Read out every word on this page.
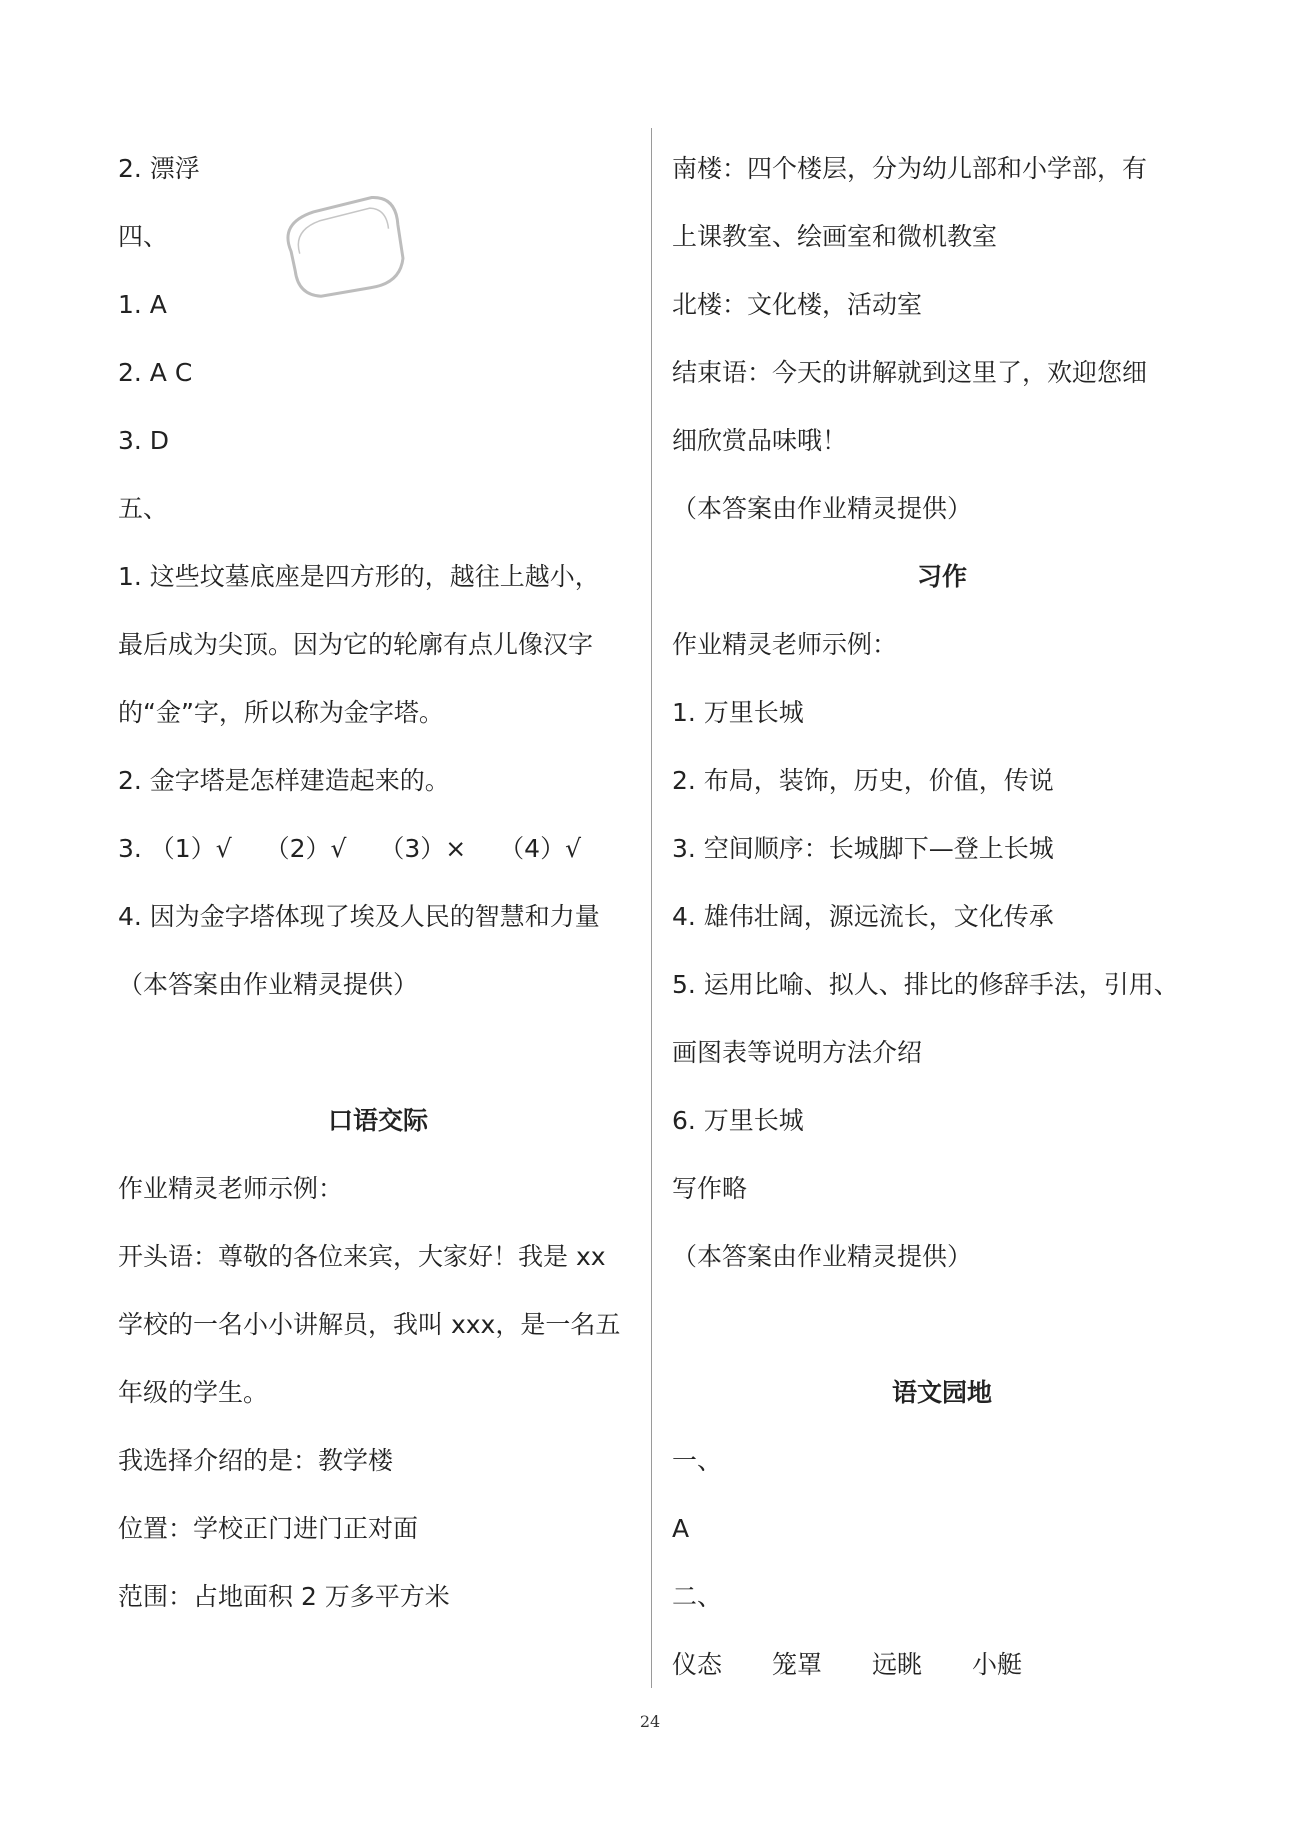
2. 漂浮
四、
1. A
2. A C
3. D
五、
1. 这些坟墓底座是四方形的，越往上越小，
最后成为尖顶。因为它的轮廓有点儿像汉字
的“金”字，所以称为金字塔。
2. 金字塔是怎样建造起来的。
3. （1）√　 （2）√　 （3）×　 （4）√
4. 因为金字塔体现了埃及人民的智慧和力量
（本答案由作业精灵提供）
口语交际
作业精灵老师示例：
开头语：尊敬的各位来宾，大家好！我是 xx
学校的一名小小讲解员，我叫 xxx，是一名五
年级的学生。
我选择介绍的是：教学楼
位置：学校正门进门正对面
范围：占地面积 2 万多平方米
南楼：四个楼层，分为幼儿部和小学部，有
上课教室、绘画室和微机教室
北楼：文化楼，活动室
结束语：今天的讲解就到这里了，欢迎您细
细欣赏品味哦！
（本答案由作业精灵提供）
习作
作业精灵老师示例：
1. 万里长城
2. 布局，装饰，历史，价值，传说
3. 空间顺序：长城脚下—登上长城
4. 雄伟壮阔，源远流长，文化传承
5. 运用比喻、拟人、排比的修辞手法，引用、
画图表等说明方法介绍
6. 万里长城
写作略
（本答案由作业精灵提供）
语文园地
一、
A
二、
仪态　　笼罩　　远眺　　小艇
24
